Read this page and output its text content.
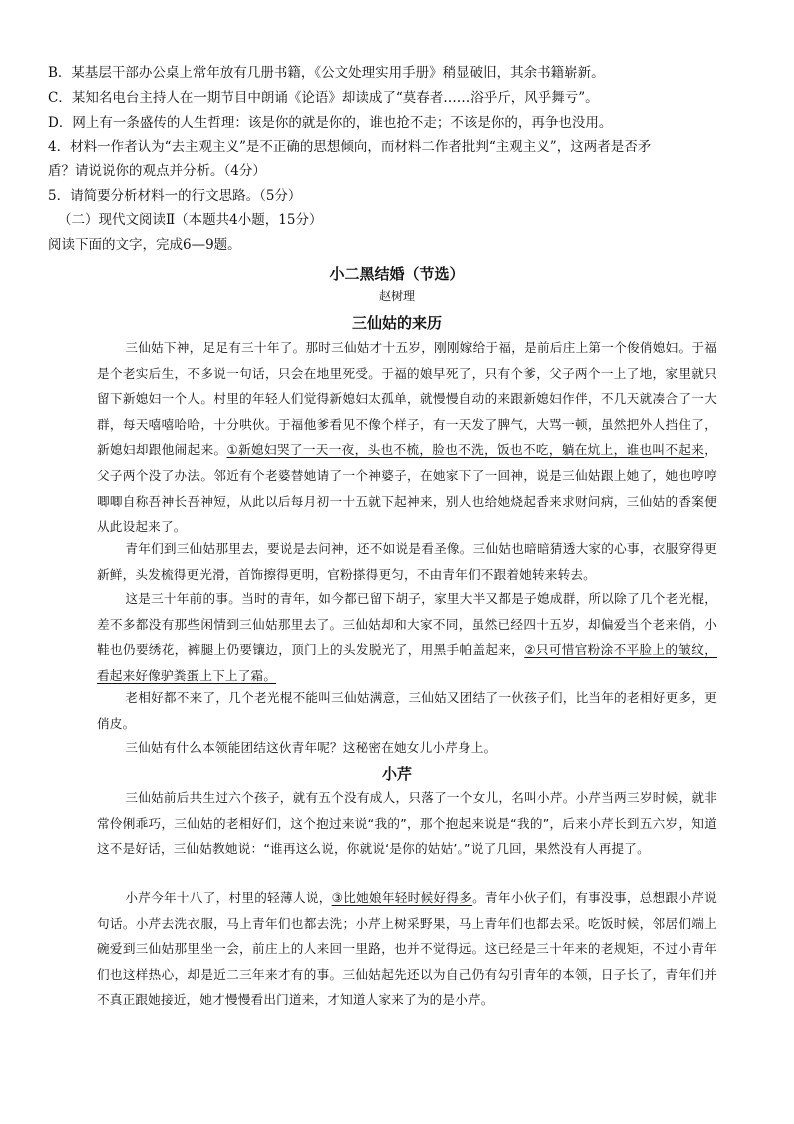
B．某基层干部办公桌上常年放有几册书籍，《公文处理实用手册》稍显破旧，其余书籍崭新。
C．某知名电台主持人在一期节目中朗诵《论语》却读成了“莫春者……浴乎斤，风乎舞亏”。
D．网上有一条盛传的人生哲理：该是你的就是你的，谁也抢不走；不该是你的，再争也没用。
4．材料一作者认为“去主观主义”是不正确的思想倾向，而材料二作者批判“主观主义”，这两者是否矛
盾？请说说你的观点并分析。（4分）
5．请简要分析材料一的行文思路。（5分）
（二）现代文阅读Ⅱ（本题共4小题，15分）
阅读下面的文字，完成6—9题。
小二黑结婚（节选）
赵树理
三仙姑的来历

三仙姑下神，足足有三十年了。那时三仙姑才十五岁，刚刚嫁给于福，是前后庄上第一个俊俏媳妇。于福是个老实后生，不多说一句话，只会在地里死受。于福的娘早死了，只有个爹，父子两个一上了地，家里就只留下新媳妇一个人。村里的年轻人们觉得新媳妇太孤单，就慢慢自动的来跟新媳妇作伴，不几天就凑合了一大群，每天嘻嘻哈哈，十分哄伙。于福他爹看见不像个样子，有一天发了脾气，大骂一顿，虽然把外人挡住了，新媳妇却跟他闹起来。①新媳妇哭了一天一夜，头也不梳，脸也不洗，饭也不吃，躺在炕上，谁也叫不起来，父子两个没了办法。邻近有个老婆替她请了一个神婆子，在她家下了一回神，说是三仙姑跟上她了，她也哼哼唧唧自称吾神长吾神短，从此以后每月初一十五就下起神来，别人也给她烧起香来求财问病，三仙姑的香案便从此设起来了。

青年们到三仙姑那里去，要说是去问神，还不如说是看圣像。三仙姑也暗暗猜透大家的心事，衣服穿得更新鲜，头发梳得更光滑，首饰擦得更明，官粉搽得更匀，不由青年们不跟着她转来转去。

这是三十年前的事。当时的青年，如今都已留下胡子，家里大半又都是子媳成群，所以除了几个老光棍，差不多都没有那些闲情到三仙姑那里去了。三仙姑却和大家不同，虽然已经四十五岁，却偏爱当个老来俏，小鞋也仍要绣花，裤腿上仍要镶边，顶门上的头发脱光了，用黑手帕盖起来，②只可惜官粉涂不平脸上的皱纹，看起来好像驴粪蛋上下上了霜。

老相好都不来了，几个老光棍不能叫三仙姑满意，三仙姑又团结了一伙孩子们，比当年的老相好更多，更俏皮。

三仙姑有什么本领能团结这伙青年呢？这秘密在她女儿小芹身上。

小芹

三仙姑前后共生过六个孩子，就有五个没有成人，只落了一个女儿，名叫小芹。小芹当两三岁时候，就非常伶俐乖巧，三仙姑的老相好们，这个抱过来说“我的”，那个抱起来说是“我的”，后来小芹长到五六岁，知道这不是好话，三仙姑教她说：“谁再这么说，你就说‘是你的姑姑’。”说了几回，果然没有人再提了。

小芹今年十八了，村里的轻薄人说，③比她娘年轻时候好得多。青年小伙子们，有事没事，总想跟小芹说句话。小芹去洗衣服，马上青年们也都去洗；小芹上树采野果，马上青年们也都去采。吃饭时候，邻居们端上碗爱到三仙姑那里坐一会，前庄上的人来回一里路，也并不觉得远。这已经是三十年来的老规矩，不过小青年们也这样热心，却是近二三年来才有的事。三仙姑起先还以为自己仍有勾引青年的本领，日子长了，青年们并不真正跟她接近，她才慢慢看出门道来，才知道人家来了为的是小芹。
